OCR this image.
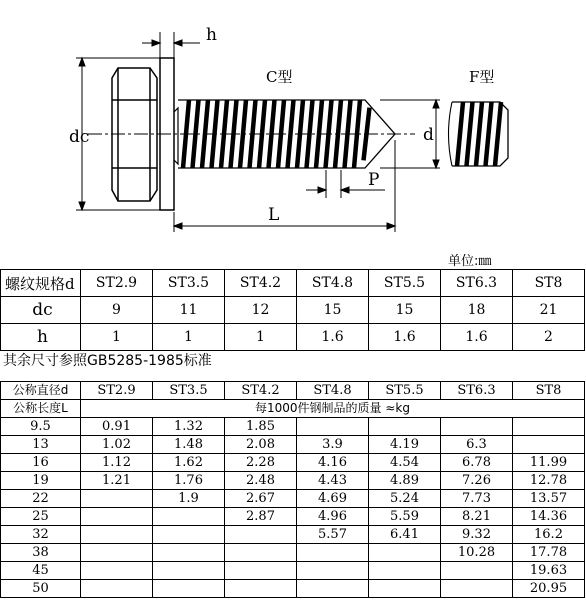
dc
h
C型	F型
d
P
L
单位:㎜
螺纹规格d	ST2.9	ST3.5	ST4.2	ST4.8	ST5.5	ST6.3	ST8
dc	9	11	12	15	15	18	21
h	1	1	1	1.6	1.6	1.6	2
其余尺寸参照GB5285-1985标准
公称直径d	ST2.9	ST3.5	ST4.2	ST4.8	ST5.5	ST6.3	ST8
公称长度L	每1000件钢制品的质量 ≈kg						
9.5	0.91	1.32	1.85				
13	1.02	1.48	2.08	3.9	4.19	6.3	
16	1.12	1.62	2.28	4.16	4.54	6.78	11.99
19	1.21	1.76	2.48	4.43	4.89	7.26	12.78
22		1.9	2.67	4.69	5.24	7.73	13.57
25			2.87	4.96	5.59	8.21	14.36
32				5.57	6.41	9.32	16.2
38						10.28	17.78
45							19.63
50							20.95
